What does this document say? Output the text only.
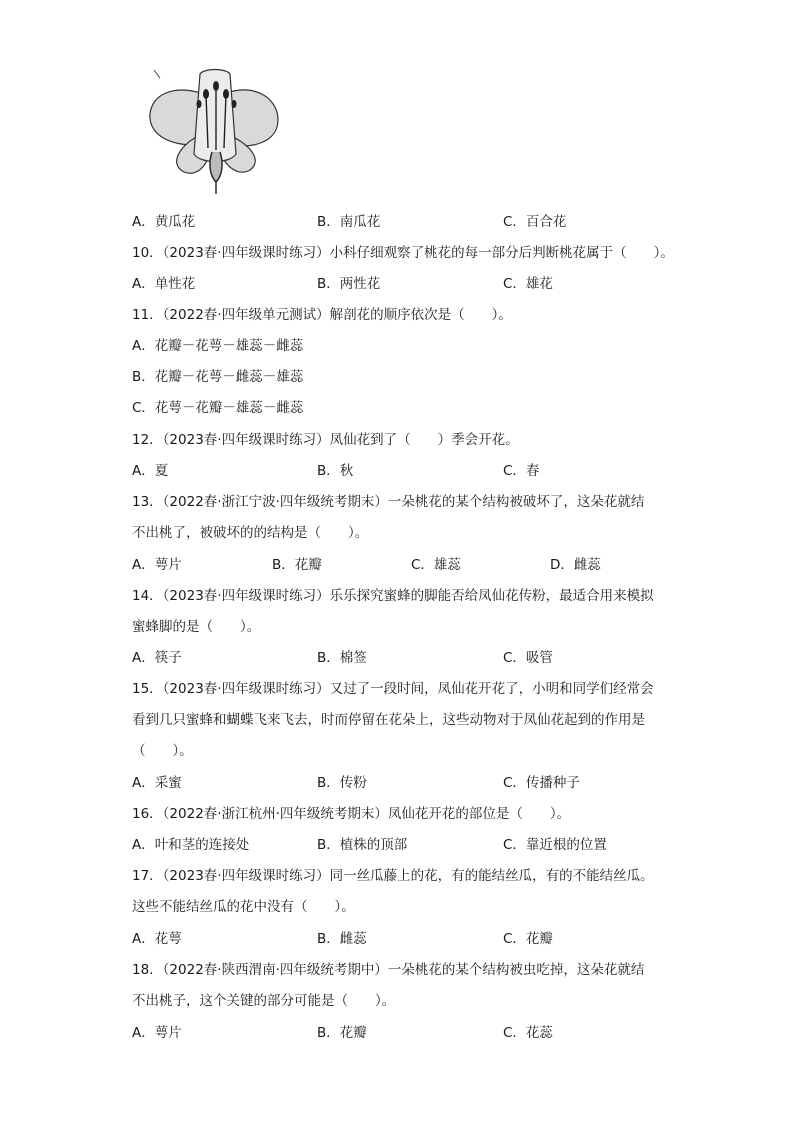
A．黄瓜花	B．南瓜花	C．百合花
10．（2023春·四年级课时练习）小科仔细观察了桃花的每一部分后判断桃花属于（　　）。
A．单性花	B．两性花	C．雄花
11．（2022春·四年级单元测试）解剖花的顺序依次是（　　）。
A．花瓣－花萼－雄蕊－雌蕊
B．花瓣－花萼－雌蕊－雄蕊
C．花萼－花瓣－雄蕊－雌蕊
12．（2023春·四年级课时练习）凤仙花到了（　　）季会开花。
A．夏	B．秋	C．春
13．（2022春·浙江宁波·四年级统考期末）一朵桃花的某个结构被破坏了，这朵花就结
不出桃了，被破坏的的结构是（　　）。
A．萼片	B．花瓣	C．雄蕊	D．雌蕊
14．（2023春·四年级课时练习）乐乐探究蜜蜂的脚能否给凤仙花传粉，最适合用来模拟
蜜蜂脚的是（　　）。
A．筷子	B．棉签	C．吸管
15．（2023春·四年级课时练习）又过了一段时间，凤仙花开花了，小明和同学们经常会
看到几只蜜蜂和蝴蝶飞来飞去，时而停留在花朵上，这些动物对于凤仙花起到的作用是
（　　）。
A．采蜜	B．传粉	C．传播种子
16．（2022春·浙江杭州·四年级统考期末）凤仙花开花的部位是（　　）。
A．叶和茎的连接处	B．植株的顶部	C．靠近根的位置
17．（2023春·四年级课时练习）同一丝瓜藤上的花，有的能结丝瓜，有的不能结丝瓜。
这些不能结丝瓜的花中没有（　　）。
A．花萼	B．雌蕊	C．花瓣
18．（2022春·陕西渭南·四年级统考期中）一朵桃花的某个结构被虫吃掉，这朵花就结
不出桃子，这个关键的部分可能是（　　）。
A．萼片	B．花瓣	C．花蕊
